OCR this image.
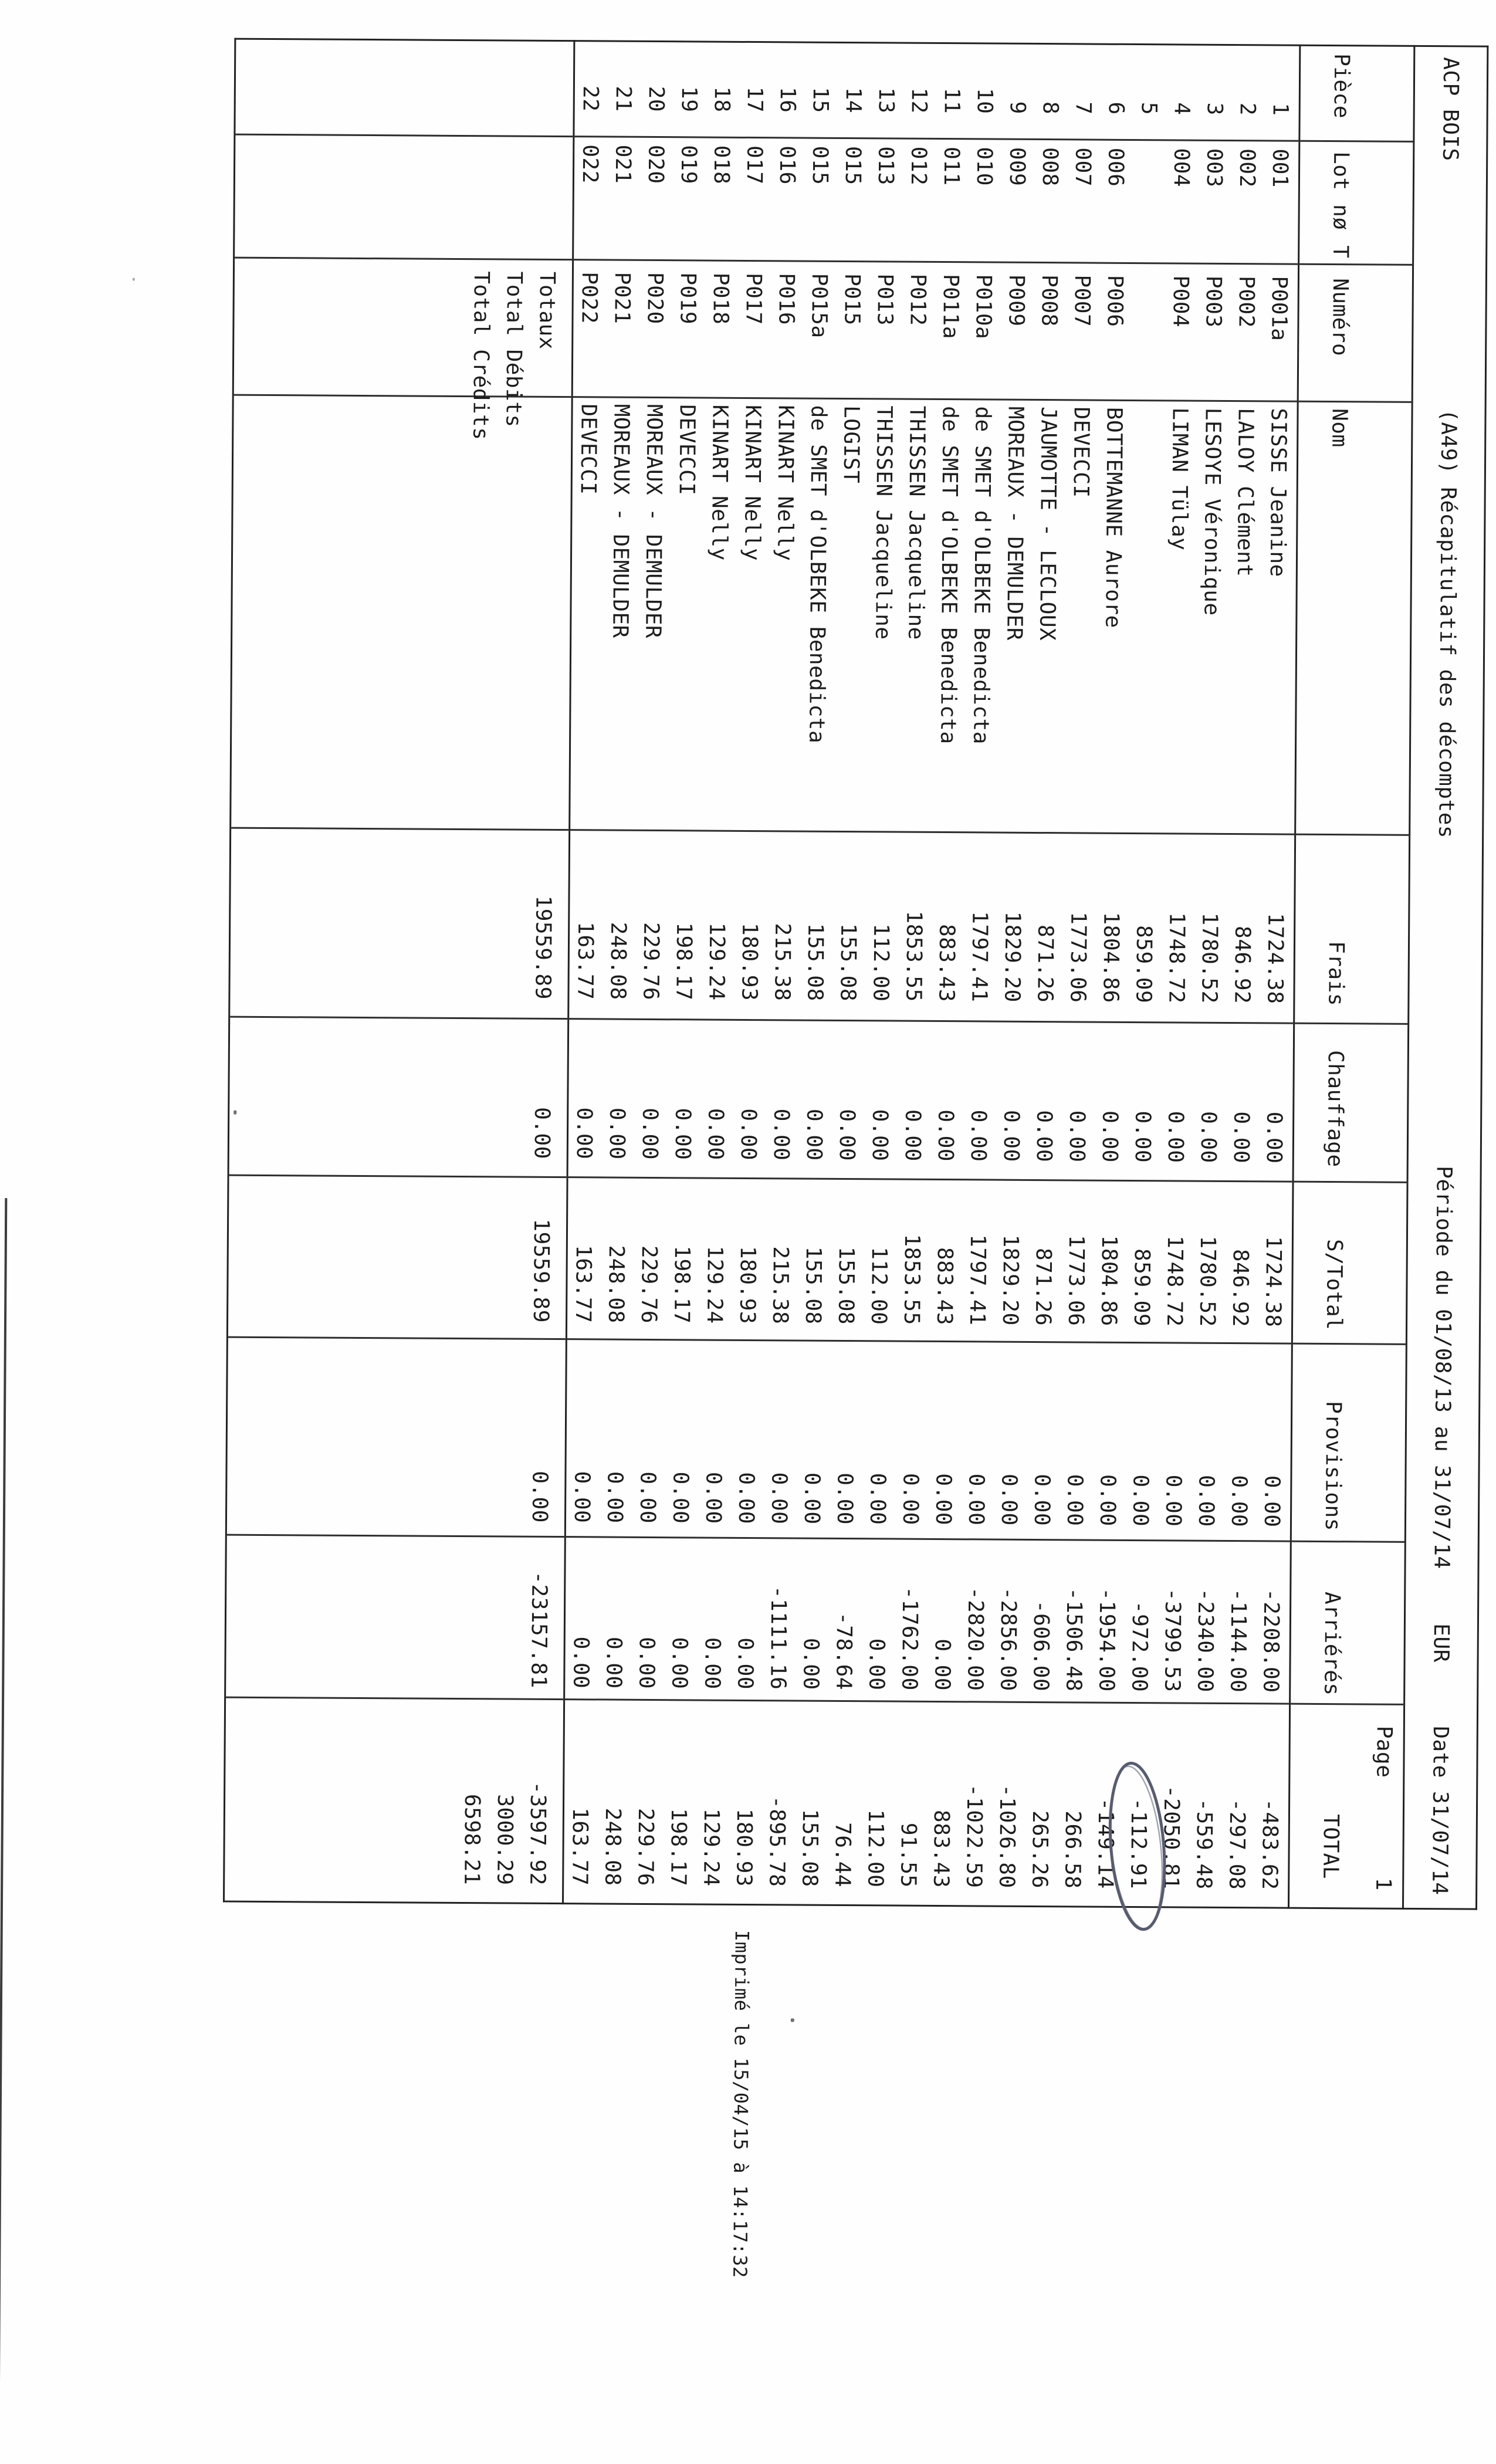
ACP BOIS
(A49) Récapitulatif des décomptes
Période du 01/08/13 au 31/07/14
EUR
Date 31/07/14
Page
1
Pièce
Lot
nø
T
Numéro
Nom
Frais
Chauffage
S/Total
Provisions
Arriérés
TOTAL
1
001
P001a
SISSE Jeanine
1724.38
0.00
1724.38
0.00
-2208.00
-483.62
2
002
P002
LALOY Clément
846.92
0.00
846.92
0.00
-1144.00
-297.08
3
003
P003
LESOYE Véronique
1780.52
0.00
1780.52
0.00
-2340.00
-559.48
4
004
P004
LIMAN Tülay
1748.72
0.00
1748.72
0.00
-3799.53
-2050.81
5
859.09
0.00
859.09
0.00
-972.00
-112.91
6
006
P006
BOTTEMANNE Aurore
1804.86
0.00
1804.86
0.00
-1954.00
-149.14
7
007
P007
DEVECCI
1773.06
0.00
1773.06
0.00
-1506.48
266.58
8
008
P008
JAUMOTTE - LECLOUX
871.26
0.00
871.26
0.00
-606.00
265.26
9
009
P009
MOREAUX - DEMULDER
1829.20
0.00
1829.20
0.00
-2856.00
-1026.80
10
010
P010a
de SMET d'OLBEKE Benedicta
1797.41
0.00
1797.41
0.00
-2820.00
-1022.59
11
011
P011a
de SMET d'OLBEKE Benedicta
883.43
0.00
883.43
0.00
0.00
883.43
12
012
P012
THISSEN Jacqueline
1853.55
0.00
1853.55
0.00
-1762.00
91.55
13
013
P013
THISSEN Jacqueline
112.00
0.00
112.00
0.00
0.00
112.00
14
015
P015
LOGIST
155.08
0.00
155.08
0.00
-78.64
76.44
15
015
P015a
de SMET d'OLBEKE Benedicta
155.08
0.00
155.08
0.00
0.00
155.08
16
016
P016
KINART Nelly
215.38
0.00
215.38
0.00
-1111.16
-895.78
17
017
P017
KINART Nelly
180.93
0.00
180.93
0.00
0.00
180.93
18
018
P018
KINART Nelly
129.24
0.00
129.24
0.00
0.00
129.24
19
019
P019
DEVECCI
198.17
0.00
198.17
0.00
0.00
198.17
20
020
P020
MOREAUX - DEMULDER
229.76
0.00
229.76
0.00
0.00
229.76
21
021
P021
MOREAUX - DEMULDER
248.08
0.00
248.08
0.00
0.00
248.08
22
022
P022
DEVECCI
163.77
0.00
163.77
0.00
0.00
163.77
Totaux
19559.89
0.00
19559.89
0.00
-23157.81
-3597.92
Total Débits
3000.29
Total Crédits
6598.21
Imprimé le 15/04/15 à 14:17:32
